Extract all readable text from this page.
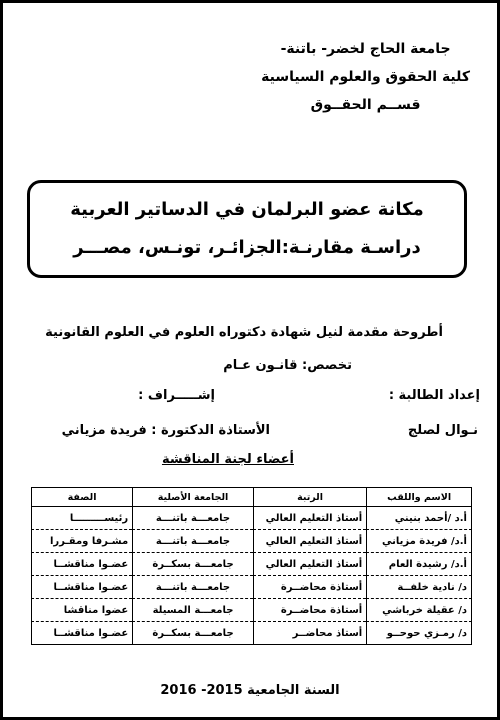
جامعة الحاج لخضر- باتنة-
كلية الحقوق والعلوم السياسية
قســم الحقــوق
مكانة عضو البرلمان في الدساتير العربية
دراسـة مقارنـة:الجزائـر، تونـس، مصـــر
أطروحة مقدمة لنيل شهادة دكتوراه العلوم في العلوم القانونية
تخصص: قانـون عـام
إعداد الطالبة :
إشـــــراف :
نـوال لصلج
الأستاذة الدكتورة : فريدة مزياني
أعضاء لجنة المناقشة
الاسم واللقب	الرتبة	الجامعة الأصلية	الصفة
أ.د /أحمد بنيني	أستاذ التعليم العالي	جامعـــة باتنـــة	رئيســـــــــا
أ.د/ فريدة مزياني	أستاذ التعليم العالي	جامعـــة باتنـــة	مشـرفا ومقـررا
أ.د/ رشيدة العام	أستاذ التعليم العالي	جامعـــة بسكــرة	عضـوا مناقشــا
د/ نادية خلفــة	أستاذة محاضــرة	جامعـــة باتنـــة	عضـوا مناقشــا
د/ عقيلة خرباشي	أستاذة محاضــرة	جامعـــة المسيلة	عضوا مناقشا
د/ رمـزي حوحــو	أستاذ محاضــر	جامعـــة بسكــرة	عضـوا مناقشــا
السنة الجامعية 2015- 2016
